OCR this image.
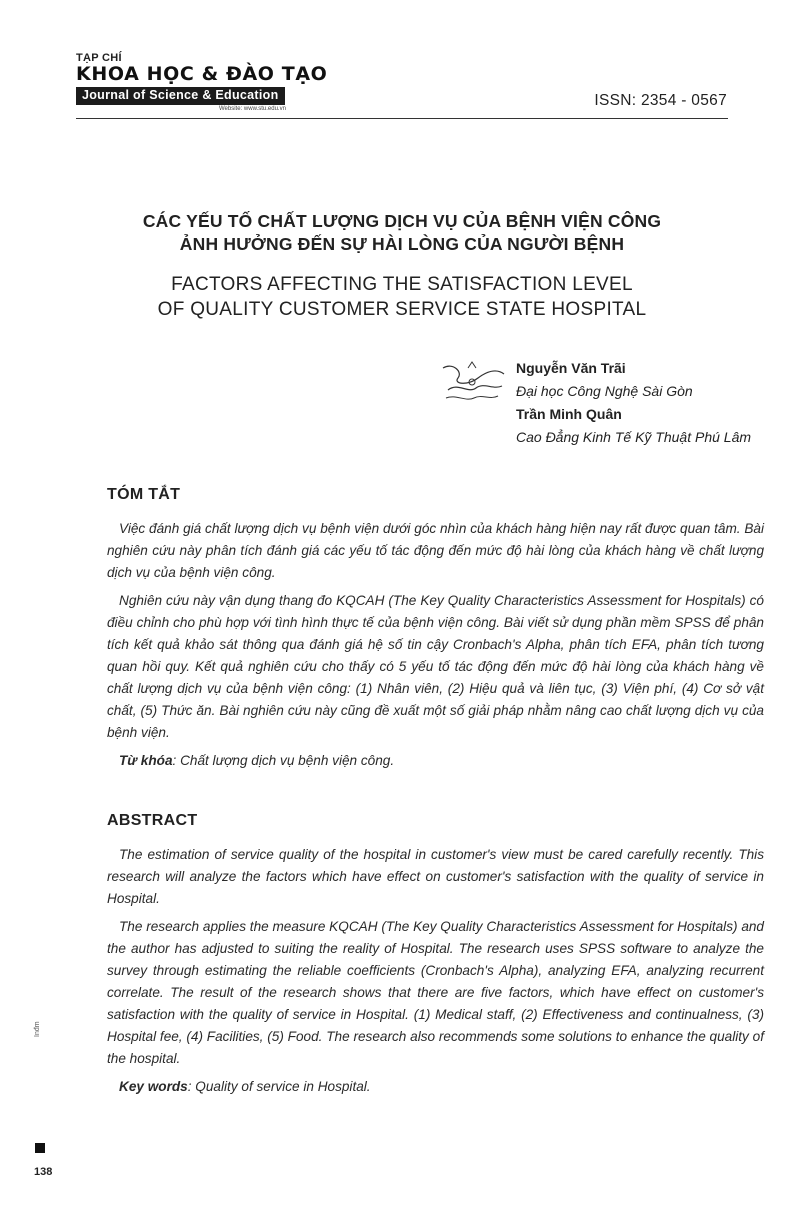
TẠP CHÍ
KHOA HỌC & ĐÀO TẠO
Journal of Science & Education
Website: www.stu.edu.vn	ISSN: 2354 - 0567
CÁC YẾU TỐ CHẤT LƯỢNG DỊCH VỤ CỦA BỆNH VIỆN CÔNG
ẢNH HƯỞNG ĐẾN SỰ HÀI LÒNG CỦA NGƯỜI BỆNH
FACTORS AFFECTING THE SATISFACTION LEVEL
OF QUALITY CUSTOMER SERVICE STATE HOSPITAL
Nguyễn Văn Trãi
Đại học Công Nghệ Sài Gòn
Trần Minh Quân
Cao Đẳng Kinh Tế Kỹ Thuật Phú Lâm
TÓM TẮT

Việc đánh giá chất lượng dịch vụ bệnh viện dưới góc nhìn của khách hàng hiện nay rất được quan tâm. Bài nghiên cứu này phân tích đánh giá các yếu tố tác động đến mức độ hài lòng của khách hàng về chất lượng dịch vụ của bệnh viện công.

Nghiên cứu này vận dụng thang đo KQCAH (The Key Quality Characteristics Assessment for Hospitals) có điều chỉnh cho phù hợp với tình hình thực tế của bệnh viện công. Bài viết sử dụng phần mềm SPSS để phân tích kết quả khảo sát thông qua đánh giá hệ số tin cậy Cronbach's Alpha, phân tích EFA, phân tích tương quan hồi quy. Kết quả nghiên cứu cho thấy có 5 yếu tố tác động đến mức độ hài lòng của khách hàng về chất lượng dịch vụ của bệnh viện công: (1) Nhân viên, (2) Hiệu quả và liên tục, (3) Viện phí, (4) Cơ sở vật chất, (5) Thức ăn. Bài nghiên cứu này cũng đề xuất một số giải pháp nhằm nâng cao chất lượng dịch vụ của bệnh viện.

Từ khóa: Chất lượng dịch vụ bệnh viện công.

ABSTRACT

The estimation of service quality of the hospital in customer's view must be cared carefully recently. This research will analyze the factors which have effect on customer's satisfaction with the quality of service in Hospital.

The research applies the measure KQCAH (The Key Quality Characteristics Assessment for Hospitals) and the author has adjusted to suiting the reality of Hospital. The research uses SPSS software to analyze the survey through estimating the reliable coefficients (Cronbach's Alpha), analyzing EFA, analyzing recurrent correlate. The result of the research shows that there are five factors, which have effect on customer's satisfaction with the quality of service in Hospital. (1) Medical staff, (2) Effectiveness and continualness, (3) Hospital fee, (4) Facilities, (5) Food. The research also recommends some solutions to enhance the quality of the hospital.

Key words: Quality of service in Hospital.

Inđm
138
